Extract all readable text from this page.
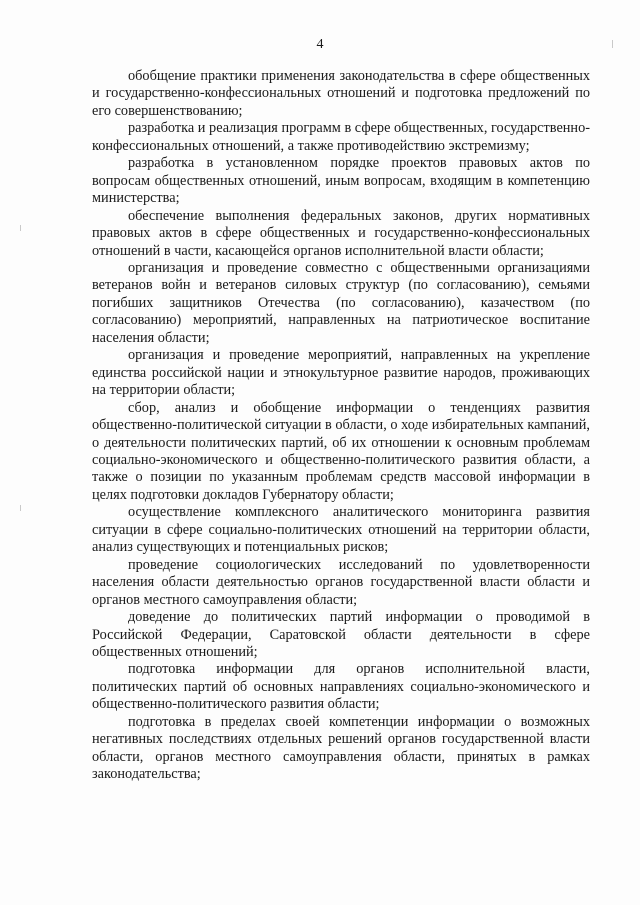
4

обобщение практики применения законодательства в сфере общественных и государственно-конфессиональных отношений и подготовка предложений по его совершенствованию;

разработка и реализация программ в сфере общественных, государственно-конфессиональных отношений, а также противодействию экстремизму;

разработка в установленном порядке проектов правовых актов по вопросам общественных отношений, иным вопросам, входящим в компетенцию министерства;

обеспечение выполнения федеральных законов, других нормативных правовых актов в сфере общественных и государственно-конфессиональных отношений в части, касающейся органов исполнительной власти области;

организация и проведение совместно с общественными организациями ветеранов войн и ветеранов силовых структур (по согласованию), семьями погибших защитников Отечества (по согласованию), казачеством (по согласованию) мероприятий, направленных на патриотическое воспитание населения области;

организация и проведение мероприятий, направленных на укрепление единства российской нации и этнокультурное развитие народов, проживающих на территории области;

сбор, анализ и обобщение информации о тенденциях развития общественно-политической ситуации в области, о ходе избирательных кампаний, о деятельности политических партий, об их отношении к основным проблемам социально-экономического и общественно-политического развития области, а также о позиции по указанным проблемам средств массовой информации в целях подготовки докладов Губернатору области;

осуществление комплексного аналитического мониторинга развития ситуации в сфере социально-политических отношений на территории области, анализ существующих и потенциальных рисков;

проведение социологических исследований по удовлетворенности населения области деятельностью органов государственной власти области и органов местного самоуправления области;

доведение до политических партий информации о проводимой в Российской Федерации, Саратовской области деятельности в сфере общественных отношений;

подготовка информации для органов исполнительной власти, политических партий об основных направлениях социально-экономического и общественно-политического развития области;

подготовка в пределах своей компетенции информации о возможных негативных последствиях отдельных решений органов государственной власти области, органов местного самоуправления области, принятых в рамках законодательства;
